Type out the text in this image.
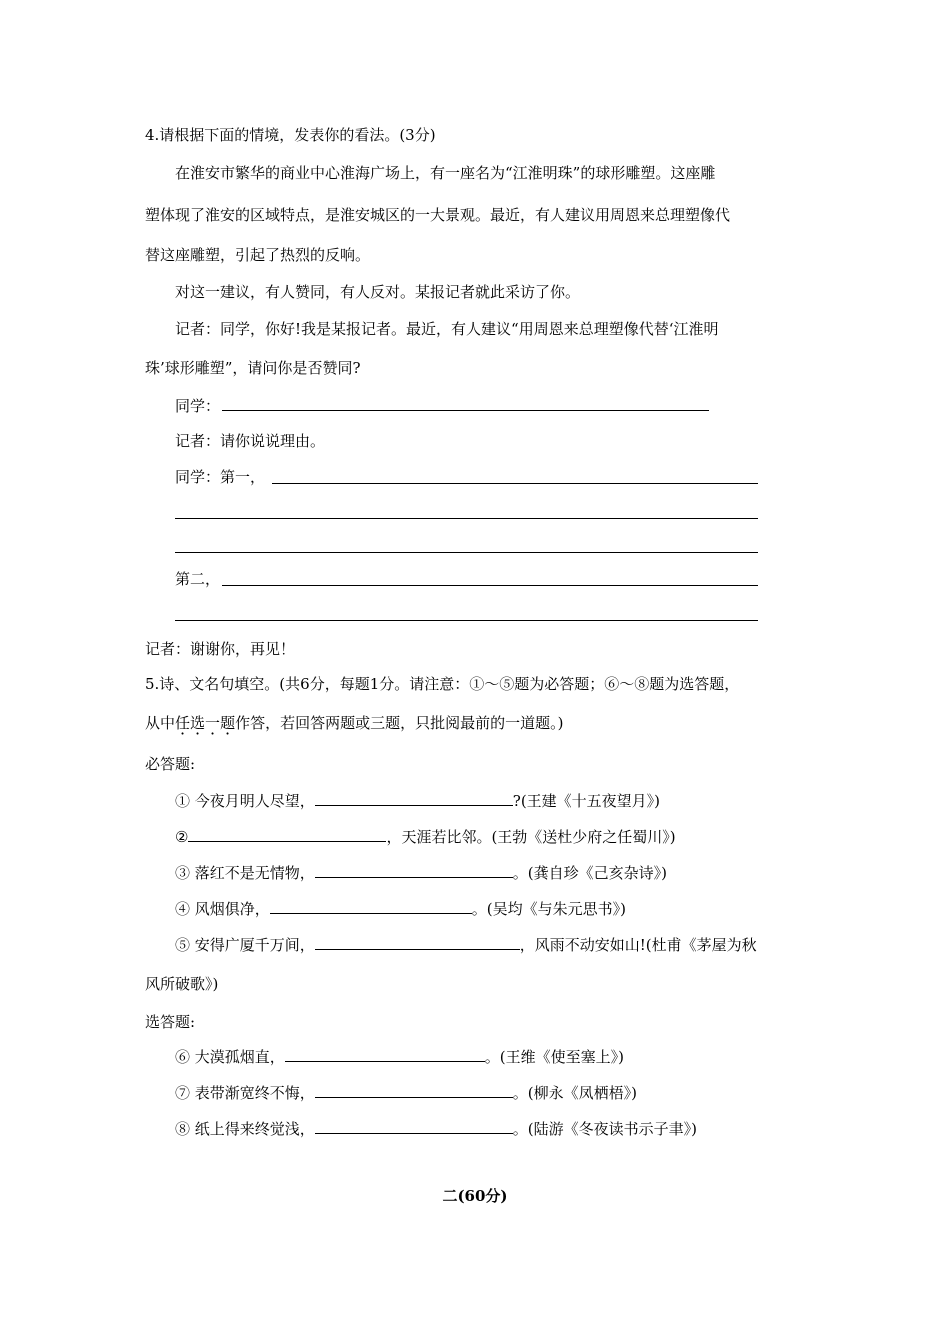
4.请根据下面的情境，发表你的看法。(3分)
在淮安市繁华的商业中心淮海广场上，有一座名为“江淮明珠”的球形雕塑。这座雕
塑体现了淮安的区域特点，是淮安城区的一大景观。最近，有人建议用周恩来总理塑像代
替这座雕塑，引起了热烈的反响。
对这一建议，有人赞同，有人反对。某报记者就此采访了你。
记者：同学，你好!我是某报记者。最近，有人建议“用周恩来总理塑像代替‘江淮明
珠’球形雕塑”，请问你是否赞同?
同学：
记者：请你说说理由。
同学：第一，
第二，
记者：谢谢你，再见！
5.诗、文名句填空。(共6分，每题1分。请注意：①～⑤题为必答题；⑥～⑧题为选答题，
从中任选一题作答，若回答两题或三题，只批阅最前的一道题。)
必答题:
① 今夜月明人尽望，	?(王建《十五夜望月》)
②	，天涯若比邻。(王勃《送杜少府之任蜀川》)
③ 落红不是无情物，	。(龚自珍《己亥杂诗》)
④ 风烟俱净，	。(吴均《与朱元思书》)
⑤ 安得广厦千万间，	，风雨不动安如山!(杜甫《茅屋为秋
风所破歌》)
选答题:
⑥ 大漠孤烟直，	。(王维《使至塞上》)
⑦ 表带渐宽终不悔，	。(柳永《凤栖梧》)
⑧ 纸上得来终觉浅，	。(陆游《冬夜读书示子聿》)
二(60分)
